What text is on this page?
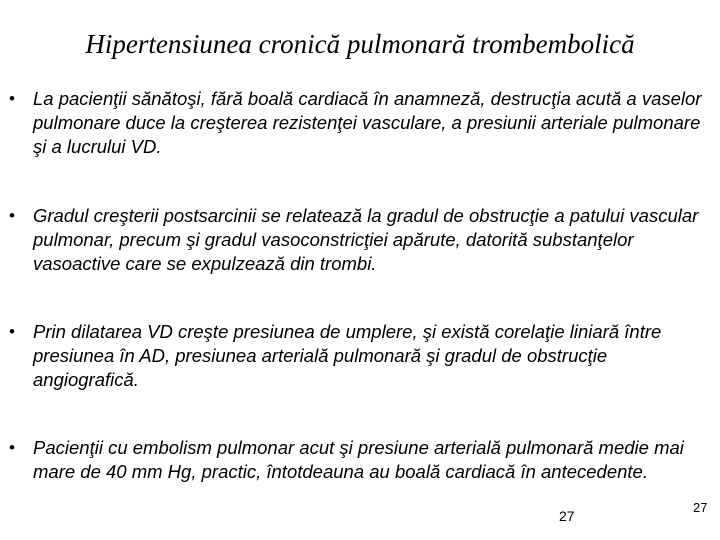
Hipertensiunea cronică pulmonară trombembolică
• La pacienţii sănătoşi, fără boală cardiacă în anamneză, destrucţia acută a vaselor pulmonare duce la creşterea rezistenţei vasculare, a presiunii arteriale pulmonare şi a lucrului VD.
• Gradul creşterii postsarcinii se relatează la gradul de obstrucţie a patului vascular pulmonar, precum şi gradul vasoconstricţiei apărute, datorită substanţelor vasoactive care se expulzează din trombi.
• Prin dilatarea VD creşte presiunea de umplere, şi există corelaţie liniară între presiunea în AD, presiunea arterială pulmonară şi gradul de obstrucţie angiografică.
• Pacienţii cu embolism pulmonar acut şi presiune arterială pulmonară medie mai mare de 40 mm Hg, practic, întotdeauna au boală cardiacă în antecedente.
27
27
